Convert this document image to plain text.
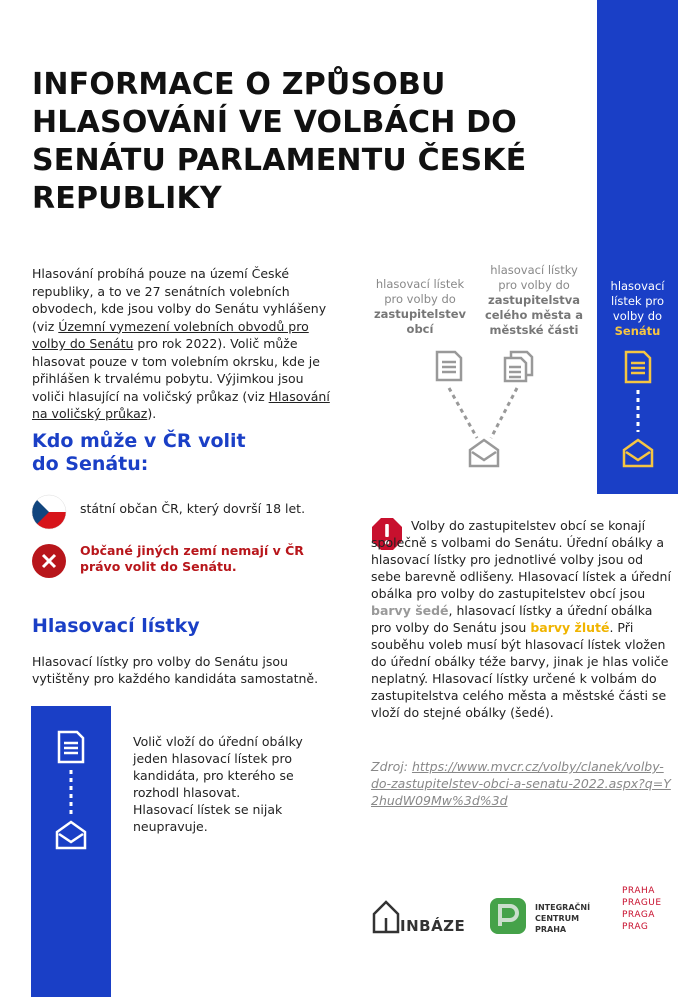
INFORMACE O ZPŮSOBU HLASOVÁNÍ VE VOLBÁCH DO SENÁTU PARLAMENTU ČESKÉ REPUBLIKY
Hlasování probíhá pouze na území České republiky, a to ve 27 senátních volebních obvodech, kde jsou volby do Senátu vyhlášeny (viz Územní vymezení volebních obvodů pro volby do Senátu pro rok 2022). Volič může hlasovat pouze v tom volebním okrsku, kde je přihlášen k trvalému pobytu. Výjimkou jsou voliči hlasující na voličský průkaz (viz Hlasování na voličský průkaz).
hlasovací lístek pro volby do
zastupitelstev obcí
hlasovací lístky pro volby do
zastupitelstva celého města a městské části
hlasovací lístek pro volby do
Senátu
Kdo může v ČR volit do Senátu:
státní občan ČR, který dovrší 18 let.
Občané jiných zemí nemají v ČR právo volit do Senátu.
Hlasovací lístky
Hlasovací lístky pro volby do Senátu jsou vytištěny pro každého kandidáta samostatně.
Volič vloží do úřední obálky jeden hlasovací lístek pro kandidáta, pro kterého se rozhodl hlasovat. Hlasovací lístek se nijak neupravuje.
Volby do zastupitelstev obcí se konají společně s volbami do Senátu. Úřední obálky a hlasovací lístky pro jednotlivé volby jsou od sebe barevně odlišeny. Hlasovací lístek a úřední obálka pro volby do zastupitelstev obcí jsou barvy šedé, hlasovací lístky a úřední obálka pro volby do Senátu jsou barvy žluté. Při souběhu voleb musí být hlasovací lístek vložen do úřední obálky téže barvy, jinak je hlas voliče neplatný. Hlasovací lístky určené k volbám do zastupitelstva celého města a městské části se vloží do stejné obálky (šedé).
Zdroj: https://www.mvcr.cz/volby/clanek/volby-do-zastupitelstev-obci-a-senatu-2022.aspx?q=Y2hudW09Mw%3d%3d
INBÁZE
INTEGRAČNÍ
CENTRUM
PRAHA
PRAHA
PRAGUE
PRAGA
PRAG
